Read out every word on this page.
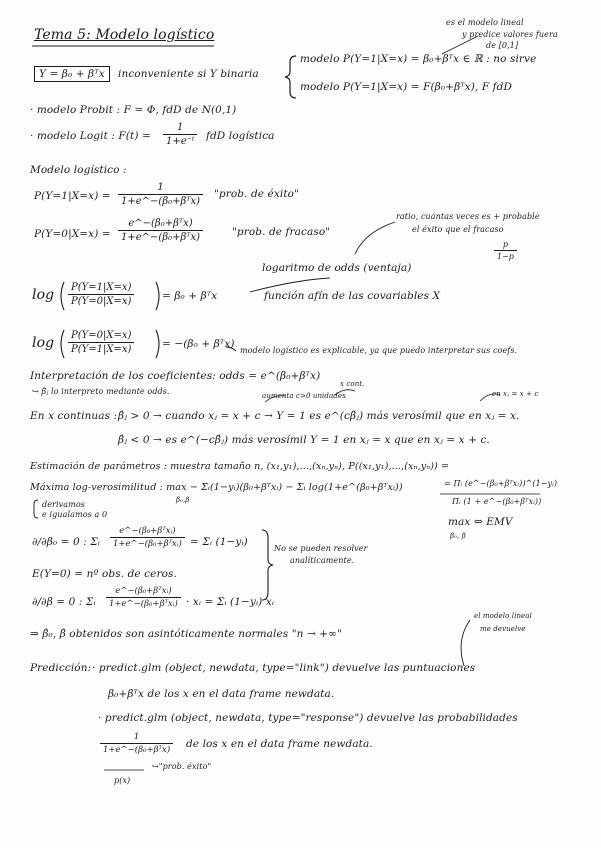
Tema 5: Modelo logístico
es el modelo lineal
y predice valores fuera
de [0,1]
Y = β₀ + βᵀx	inconveniente si Y binaria
modelo P(Y=1|X=x) = β₀+βᵀx ∈ ℝ : no sirve
modelo P(Y=1|X=x) = F(β₀+βᵀx), F fdD
· modelo Probit : F = Φ, fdD de N(0,1)
· modelo Logit : $F(t) = \frac{1}{\text{1+e⁻ᵗ}}$ fdD logística
Modelo logístico :
P(Y=1|X=x) =
1
1+e^−(β₀+βᵀx)
"prob. de éxito"
P(Y=0|X=x) =
e^−(β₀+βᵀx)
1+e^−(β₀+βᵀx)	"prob. de fracaso"
ratio, cuántas veces es + probable
el éxito que el fracaso
$\frac{p}{1-p}$
logaritmo de odds (ventaja)
$\log \frac{P(Y=1|X=x)}{P(Y=0|X=x)}$	= β₀ + βᵀx	función afín de las covariables X
$\log \frac{P(Y=0|X=x)}{P(Y=1|X=x)}$	= −(β₀ + βᵀx)
modelo logístico es explicable, ya que puedo interpretar sus coefs.
Interpretación de los coeficientes: odds = e^(β₀+βᵀx)
↪ β̂ⱼ lo interpreto mediante odds.
x cont.
aumenta c>0 unidades	en xⱼ = x + c
En x continuas : β̂ⱼ > 0 → cuando xⱼ = x + c → Y = 1 es e^(cβ̂ⱼ) más verosímil que en xⱼ = x.
β̂ⱼ < 0 → es e^(−cβ̂ⱼ) más verosímil Y = 1 en xⱼ = x que en xⱼ = x + c.
Estimación de parámetros : muestra tamaño n, (x₁,y₁),...,(xₙ,yₙ), P((x₁,y₁),...,(xₙ,yₙ)) =
= Πᵢ (e^−(β₀+βᵀxᵢ))^(1−yᵢ)
Πᵢ (1 + e^−(β₀+βᵀxᵢ))
Máxima log-verosimilitud : max − Σᵢ(1−yᵢ)(β₀+βᵀxᵢ) − Σᵢ log(1+e^(β₀+βᵀxᵢ))
β₀,β
derivamos
e igualamos a 0
max ⇔ EMV
β₀, β
∂/∂β₀ = 0 : Σᵢ
e^−(β₀+βᵀxᵢ)
1+e^−(β₀+βᵀxᵢ) = Σᵢ (1−yᵢ)
No se pueden resolver
analíticamente.
E(Y=0) = nº obs. de ceros.
∂/∂β = 0 : Σᵢ
e^−(β₀+βᵀxᵢ)
1+e^−(β₀+βᵀxᵢ) · xᵢ = Σᵢ (1−yᵢ) xᵢ
⇒ β̂₀, β̂ obtenidos son asintóticamente normales "n → +∞"
el modelo lineal
me devuelve
Predicción: · predict.glm (object, newdata, type="link") devuelve las puntuaciones
β₀+βᵀx de los x en el data frame newdata.
· predict.glm (object, newdata, type="response") devuelve las probabilidades
1
1+e^−(β₀+βᵀx) de los x en el data frame newdata.
p(x)
↪"prob. éxito"
